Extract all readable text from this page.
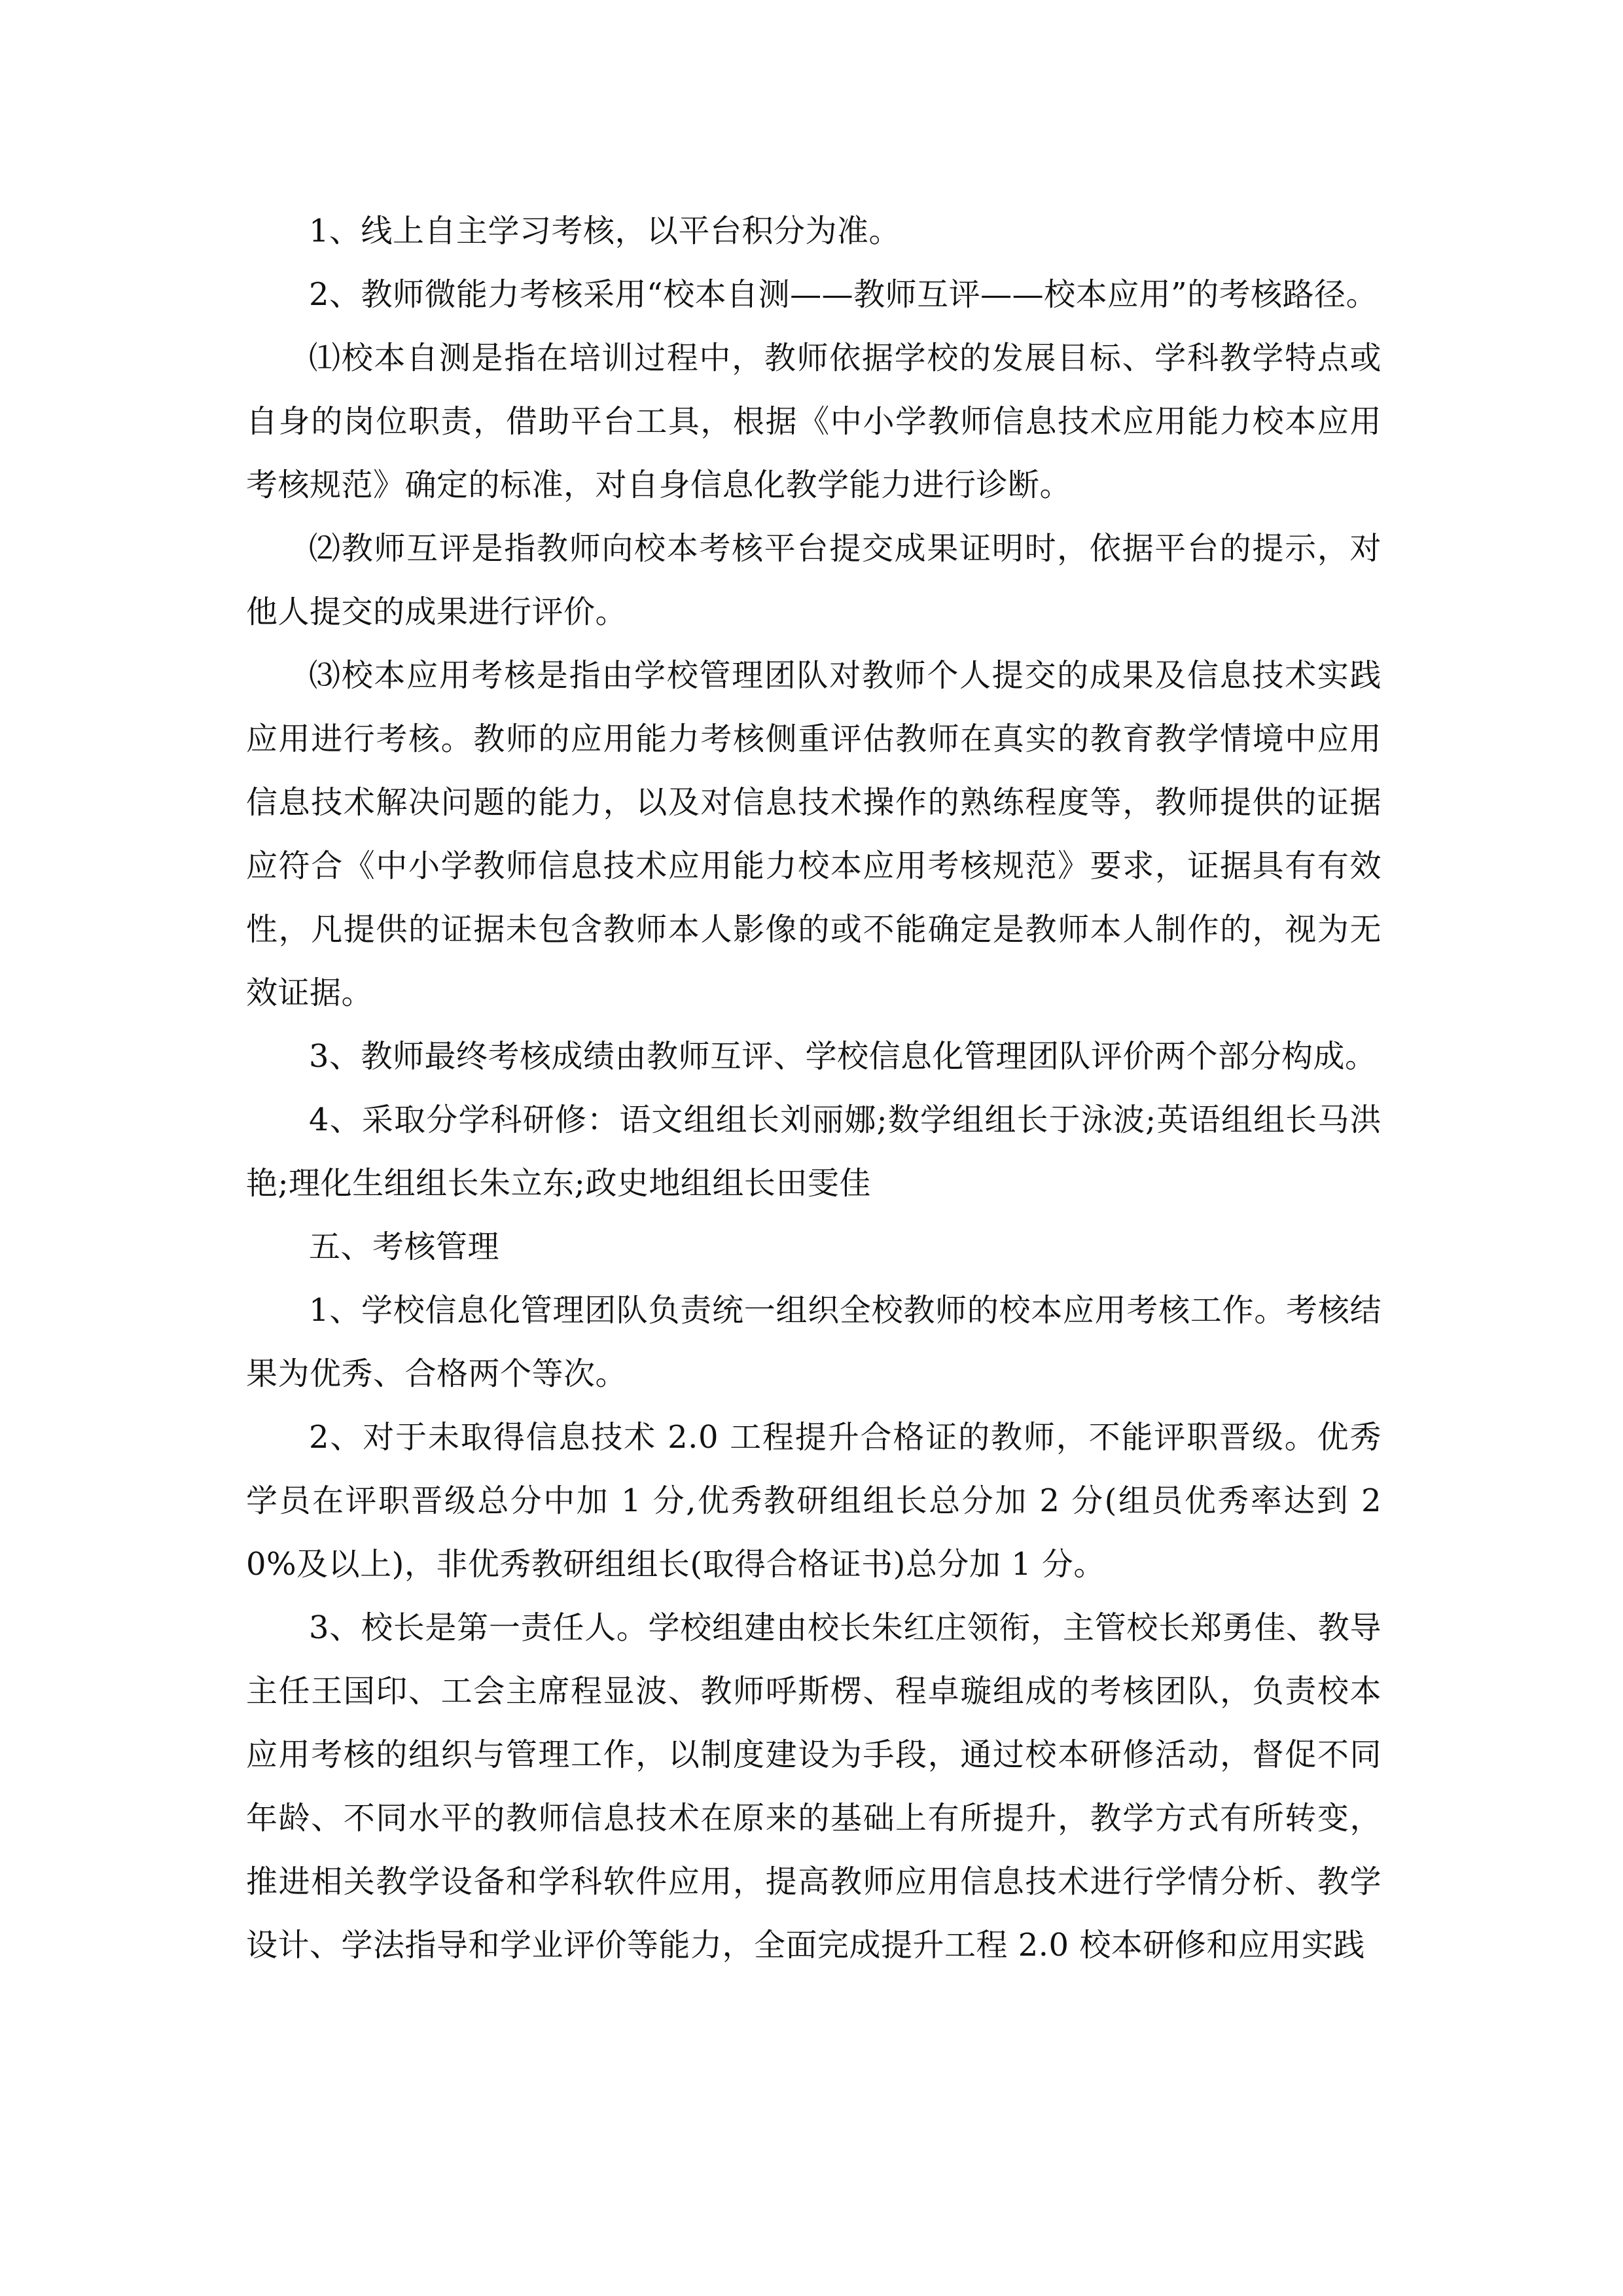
1、线上自主学习考核，以平台积分为准。

2、教师微能力考核采用“校本自测——教师互评——校本应用”的考核路径。

⑴校本自测是指在培训过程中，教师依据学校的发展目标、学科教学特点或自身的岗位职责，借助平台工具，根据《中小学教师信息技术应用能力校本应用考核规范》确定的标准，对自身信息化教学能力进行诊断。

⑵教师互评是指教师向校本考核平台提交成果证明时，依据平台的提示，对他人提交的成果进行评价。

⑶校本应用考核是指由学校管理团队对教师个人提交的成果及信息技术实践应用进行考核。教师的应用能力考核侧重评估教师在真实的教育教学情境中应用信息技术解决问题的能力，以及对信息技术操作的熟练程度等，教师提供的证据应符合《中小学教师信息技术应用能力校本应用考核规范》要求，证据具有有效性，凡提供的证据未包含教师本人影像的或不能确定是教师本人制作的，视为无效证据。

3、教师最终考核成绩由教师互评、学校信息化管理团队评价两个部分构成。

4、采取分学科研修：语文组组长刘丽娜;数学组组长于泳波;英语组组长马洪艳;理化生组组长朱立东;政史地组组长田雯佳

五、考核管理

1、学校信息化管理团队负责统一组织全校教师的校本应用考核工作。考核结果为优秀、合格两个等次。

2、对于未取得信息技术 2.0 工程提升合格证的教师，不能评职晋级。优秀学员在评职晋级总分中加 1 分,优秀教研组组长总分加 2 分(组员优秀率达到 20%及以上)，非优秀教研组组长(取得合格证书)总分加 1 分。

3、校长是第一责任人。学校组建由校长朱红庄领衔，主管校长郑勇佳、教导主任王国印、工会主席程显波、教师呼斯楞、程卓璇组成的考核团队，负责校本应用考核的组织与管理工作，以制度建设为手段，通过校本研修活动，督促不同年龄、不同水平的教师信息技术在原来的基础上有所提升，教学方式有所转变，推进相关教学设备和学科软件应用，提高教师应用信息技术进行学情分析、教学设计、学法指导和学业评价等能力，全面完成提升工程 2.0 校本研修和应用实践
